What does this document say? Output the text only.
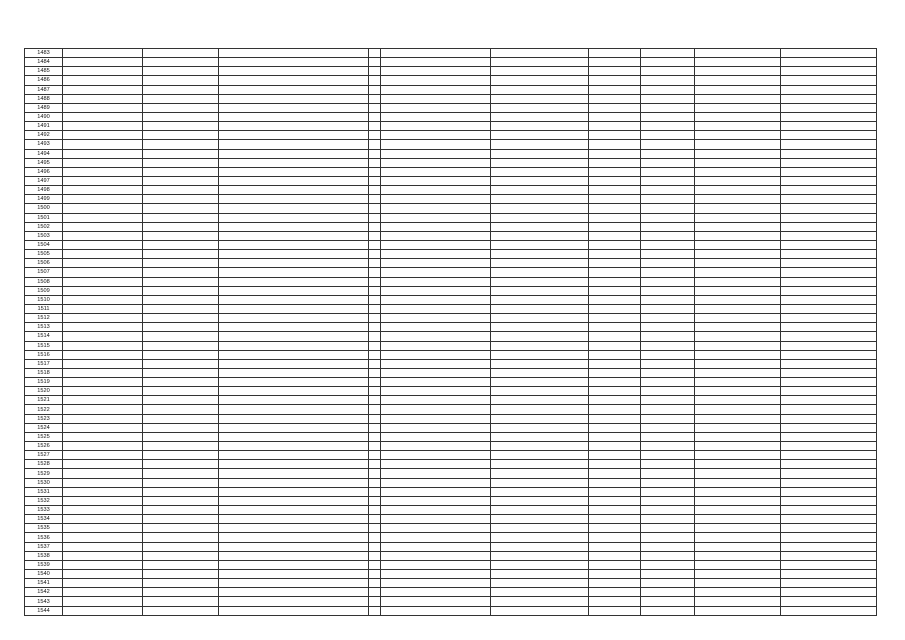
1483										
1484										
1485										
1486										
1487										
1488										
1489										
1490										
1491										
1492										
1493										
1494										
1495										
1496										
1497										
1498										
1499										
1500										
1501										
1502										
1503										
1504										
1505										
1506										
1507										
1508										
1509										
1510										
1511										
1512										
1513										
1514										
1515										
1516										
1517										
1518										
1519										
1520										
1521										
1522										
1523										
1524										
1525										
1526										
1527										
1528										
1529										
1530										
1531										
1532										
1533										
1534										
1535										
1536										
1537										
1538										
1539										
1540										
1541										
1542										
1543										
1544										
